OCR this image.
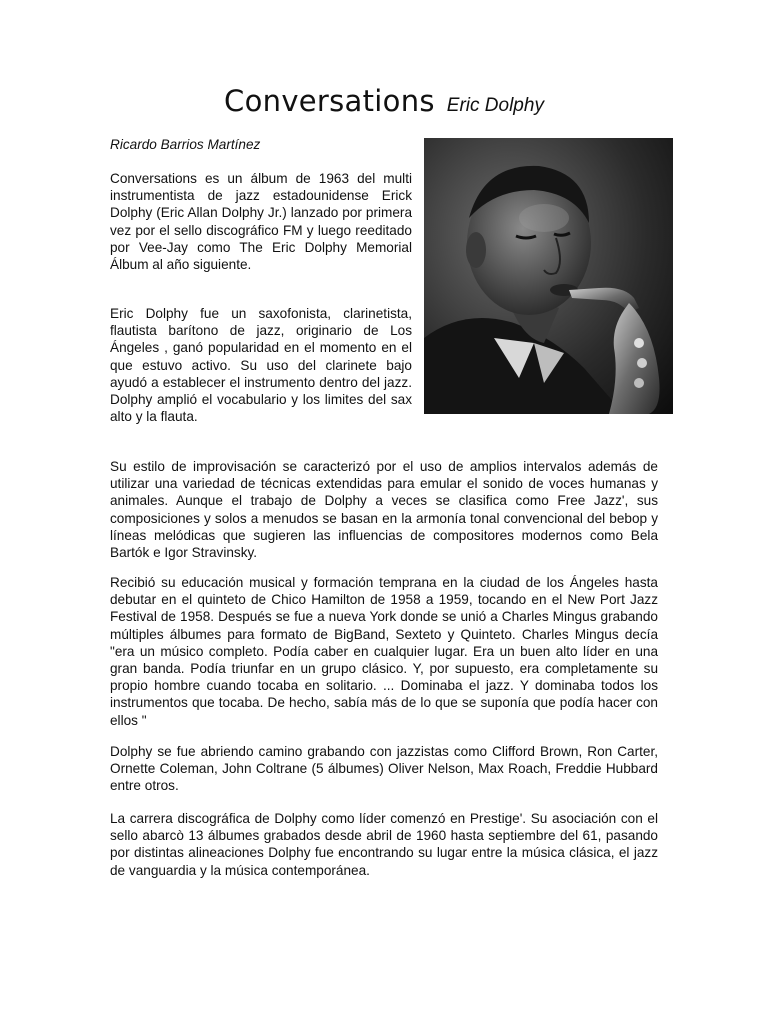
Conversations Eric Dolphy
Ricardo Barrios Martínez

Conversations es un álbum de 1963 del multi instrumentista de jazz estadounidense Erick Dolphy (Eric Allan Dolphy Jr.) lanzado por primera vez por el sello discográfico FM y luego reeditado por Vee-Jay como The Eric Dolphy Memorial Álbum al año siguiente.

Eric Dolphy fue un saxofonista, clarinetista, flautista barítono de jazz, originario de Los Ángeles , ganó popularidad en el momento en el que estuvo activo. Su uso del clarinete bajo ayudó a establecer el instrumento dentro del jazz. Dolphy amplió el vocabulario y los limites del sax alto y la flauta.

Su estilo de improvisación se caracterizó por el uso de amplios intervalos además de utilizar una variedad de técnicas extendidas para emular el sonido de voces humanas y animales. Aunque el trabajo de Dolphy a veces se clasifica como Free Jazz', sus composiciones y solos a menudos se basan en la armonía tonal convencional del bebop y líneas melódicas que sugieren las influencias de compositores modernos como Bela Bartók e Igor Stravinsky.

Recibió su educación musical y formación temprana en la ciudad de los Ángeles hasta debutar en el quinteto de Chico Hamilton de 1958 a 1959, tocando en el New Port Jazz Festival de 1958. Después se fue a nueva York donde se unió a Charles Mingus grabando múltiples álbumes para formato de BigBand, Sexteto y Quinteto. Charles Mingus decía "era un músico completo. Podía caber en cualquier lugar. Era un buen alto líder en una gran banda. Podía triunfar en un grupo clásico. Y, por supuesto, era completamente su propio hombre cuando tocaba en solitario. ... Dominaba el jazz. Y dominaba todos los instrumentos que tocaba. De hecho, sabía más de lo que se suponía que podía hacer con ellos "

Dolphy se fue abriendo camino grabando con jazzistas como Clifford Brown, Ron Carter, Ornette Coleman, John Coltrane (5 álbumes) Oliver Nelson, Max Roach, Freddie Hubbard entre otros.

La carrera discográfica de Dolphy como líder comenzó en Prestige'. Su asociación con el sello abarcò 13 álbumes grabados desde abril de 1960 hasta septiembre del 61, pasando por distintas alineaciones Dolphy fue encontrando su lugar entre la música clásica, el jazz de vanguardia y la música contemporánea.
